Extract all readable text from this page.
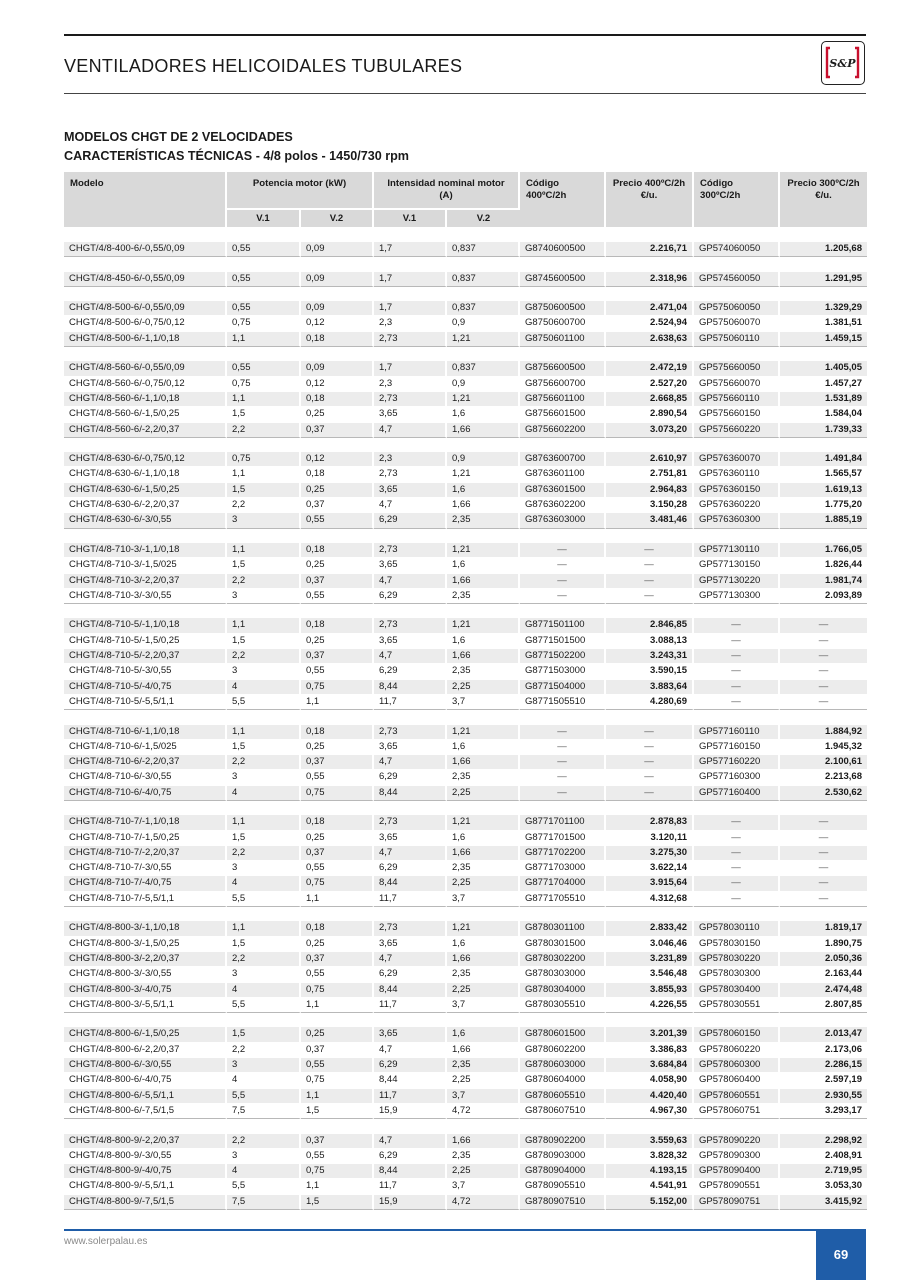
VENTILADORES HELICOIDALES TUBULARES	S&P
MODELOS CHGT DE 2 VELOCIDADES
CARACTERÍSTICAS TÉCNICAS - 4/8 polos - 1450/730 rpm
Modelo	Potencia motor (kW)		Intensidad nominal motor (A)		Código 400ºC/2h	Precio 400ºC/2h €/u.	Código 300ºC/2h	Precio 300ºC/2h €/u.

	V.1	V.2	V.1	V.2				

CHGT/4/8-400-6/-0,55/0,09	0,55	0,09	1,7	0,837	G8740600500	2.216,71	GP574060050	1.205,68

CHGT/4/8-450-6/-0,55/0,09	0,55	0,09	1,7	0,837	G8745600500	2.318,96	GP574560050	1.291,95

CHGT/4/8-500-6/-0,55/0,09	0,55	0,09	1,7	0,837	G8750600500	2.471,04	GP575060050	1.329,29
CHGT/4/8-500-6/-0,75/0,12	0,75	0,12	2,3	0,9	G8750600700	2.524,94	GP575060070	1.381,51
CHGT/4/8-500-6/-1,1/0,18	1,1	0,18	2,73	1,21	G8750601100	2.638,63	GP575060110	1.459,15

CHGT/4/8-560-6/-0,55/0,09	0,55	0,09	1,7	0,837	G8756600500	2.472,19	GP575660050	1.405,05
CHGT/4/8-560-6/-0,75/0,12	0,75	0,12	2,3	0,9	G8756600700	2.527,20	GP575660070	1.457,27
CHGT/4/8-560-6/-1,1/0,18	1,1	0,18	2,73	1,21	G8756601100	2.668,85	GP575660110	1.531,89
CHGT/4/8-560-6/-1,5/0,25	1,5	0,25	3,65	1,6	G8756601500	2.890,54	GP575660150	1.584,04
CHGT/4/8-560-6/-2,2/0,37	2,2	0,37	4,7	1,66	G8756602200	3.073,20	GP575660220	1.739,33

CHGT/4/8-630-6/-0,75/0,12	0,75	0,12	2,3	0,9	G8763600700	2.610,97	GP576360070	1.491,84
CHGT/4/8-630-6/-1,1/0,18	1,1	0,18	2,73	1,21	G8763601100	2.751,81	GP576360110	1.565,57
CHGT/4/8-630-6/-1,5/0,25	1,5	0,25	3,65	1,6	G8763601500	2.964,83	GP576360150	1.619,13
CHGT/4/8-630-6/-2,2/0,37	2,2	0,37	4,7	1,66	G8763602200	3.150,28	GP576360220	1.775,20
CHGT/4/8-630-6/-3/0,55	3	0,55	6,29	2,35	G8763603000	3.481,46	GP576360300	1.885,19

CHGT/4/8-710-3/-1,1/0,18	1,1	0,18	2,73	1,21	—	—	GP577130110	1.766,05
CHGT/4/8-710-3/-1,5/025	1,5	0,25	3,65	1,6	—	—	GP577130150	1.826,44
CHGT/4/8-710-3/-2,2/0,37	2,2	0,37	4,7	1,66	—	—	GP577130220	1.981,74
CHGT/4/8-710-3/-3/0,55	3	0,55	6,29	2,35	—	—	GP577130300	2.093,89

CHGT/4/8-710-5/-1,1/0,18	1,1	0,18	2,73	1,21	G8771501100	2.846,85	—	—
CHGT/4/8-710-5/-1,5/0,25	1,5	0,25	3,65	1,6	G8771501500	3.088,13	—	—
CHGT/4/8-710-5/-2,2/0,37	2,2	0,37	4,7	1,66	G8771502200	3.243,31	—	—
CHGT/4/8-710-5/-3/0,55	3	0,55	6,29	2,35	G8771503000	3.590,15	—	—
CHGT/4/8-710-5/-4/0,75	4	0,75	8,44	2,25	G8771504000	3.883,64	—	—
CHGT/4/8-710-5/-5,5/1,1	5,5	1,1	11,7	3,7	G8771505510	4.280,69	—	—

CHGT/4/8-710-6/-1,1/0,18	1,1	0,18	2,73	1,21	—	—	GP577160110	1.884,92
CHGT/4/8-710-6/-1,5/025	1,5	0,25	3,65	1,6	—	—	GP577160150	1.945,32
CHGT/4/8-710-6/-2,2/0,37	2,2	0,37	4,7	1,66	—	—	GP577160220	2.100,61
CHGT/4/8-710-6/-3/0,55	3	0,55	6,29	2,35	—	—	GP577160300	2.213,68
CHGT/4/8-710-6/-4/0,75	4	0,75	8,44	2,25	—	—	GP577160400	2.530,62

CHGT/4/8-710-7/-1,1/0,18	1,1	0,18	2,73	1,21	G8771701100	2.878,83	—	—
CHGT/4/8-710-7/-1,5/0,25	1,5	0,25	3,65	1,6	G8771701500	3.120,11	—	—
CHGT/4/8-710-7/-2,2/0,37	2,2	0,37	4,7	1,66	G8771702200	3.275,30	—	—
CHGT/4/8-710-7/-3/0,55	3	0,55	6,29	2,35	G8771703000	3.622,14	—	—
CHGT/4/8-710-7/-4/0,75	4	0,75	8,44	2,25	G8771704000	3.915,64	—	—
CHGT/4/8-710-7/-5,5/1,1	5,5	1,1	11,7	3,7	G8771705510	4.312,68	—	—

CHGT/4/8-800-3/-1,1/0,18	1,1	0,18	2,73	1,21	G8780301100	2.833,42	GP578030110	1.819,17
CHGT/4/8-800-3/-1,5/0,25	1,5	0,25	3,65	1,6	G8780301500	3.046,46	GP578030150	1.890,75
CHGT/4/8-800-3/-2,2/0,37	2,2	0,37	4,7	1,66	G8780302200	3.231,89	GP578030220	2.050,36
CHGT/4/8-800-3/-3/0,55	3	0,55	6,29	2,35	G8780303000	3.546,48	GP578030300	2.163,44
CHGT/4/8-800-3/-4/0,75	4	0,75	8,44	2,25	G8780304000	3.855,93	GP578030400	2.474,48
CHGT/4/8-800-3/-5,5/1,1	5,5	1,1	11,7	3,7	G8780305510	4.226,55	GP578030551	2.807,85

CHGT/4/8-800-6/-1,5/0,25	1,5	0,25	3,65	1,6	G8780601500	3.201,39	GP578060150	2.013,47
CHGT/4/8-800-6/-2,2/0,37	2,2	0,37	4,7	1,66	G8780602200	3.386,83	GP578060220	2.173,06
CHGT/4/8-800-6/-3/0,55	3	0,55	6,29	2,35	G8780603000	3.684,84	GP578060300	2.286,15
CHGT/4/8-800-6/-4/0,75	4	0,75	8,44	2,25	G8780604000	4.058,90	GP578060400	2.597,19
CHGT/4/8-800-6/-5,5/1,1	5,5	1,1	11,7	3,7	G8780605510	4.420,40	GP578060551	2.930,55
CHGT/4/8-800-6/-7,5/1,5	7,5	1,5	15,9	4,72	G8780607510	4.967,30	GP578060751	3.293,17

CHGT/4/8-800-9/-2,2/0,37	2,2	0,37	4,7	1,66	G8780902200	3.559,63	GP578090220	2.298,92
CHGT/4/8-800-9/-3/0,55	3	0,55	6,29	2,35	G8780903000	3.828,32	GP578090300	2.408,91
CHGT/4/8-800-9/-4/0,75	4	0,75	8,44	2,25	G8780904000	4.193,15	GP578090400	2.719,95
CHGT/4/8-800-9/-5,5/1,1	5,5	1,1	11,7	3,7	G8780905510	4.541,91	GP578090551	3.053,30
CHGT/4/8-800-9/-7,5/1,5	7,5	1,5	15,9	4,72	G8780907510	5.152,00	GP578090751	3.415,92
www.solerpalau.es
69
